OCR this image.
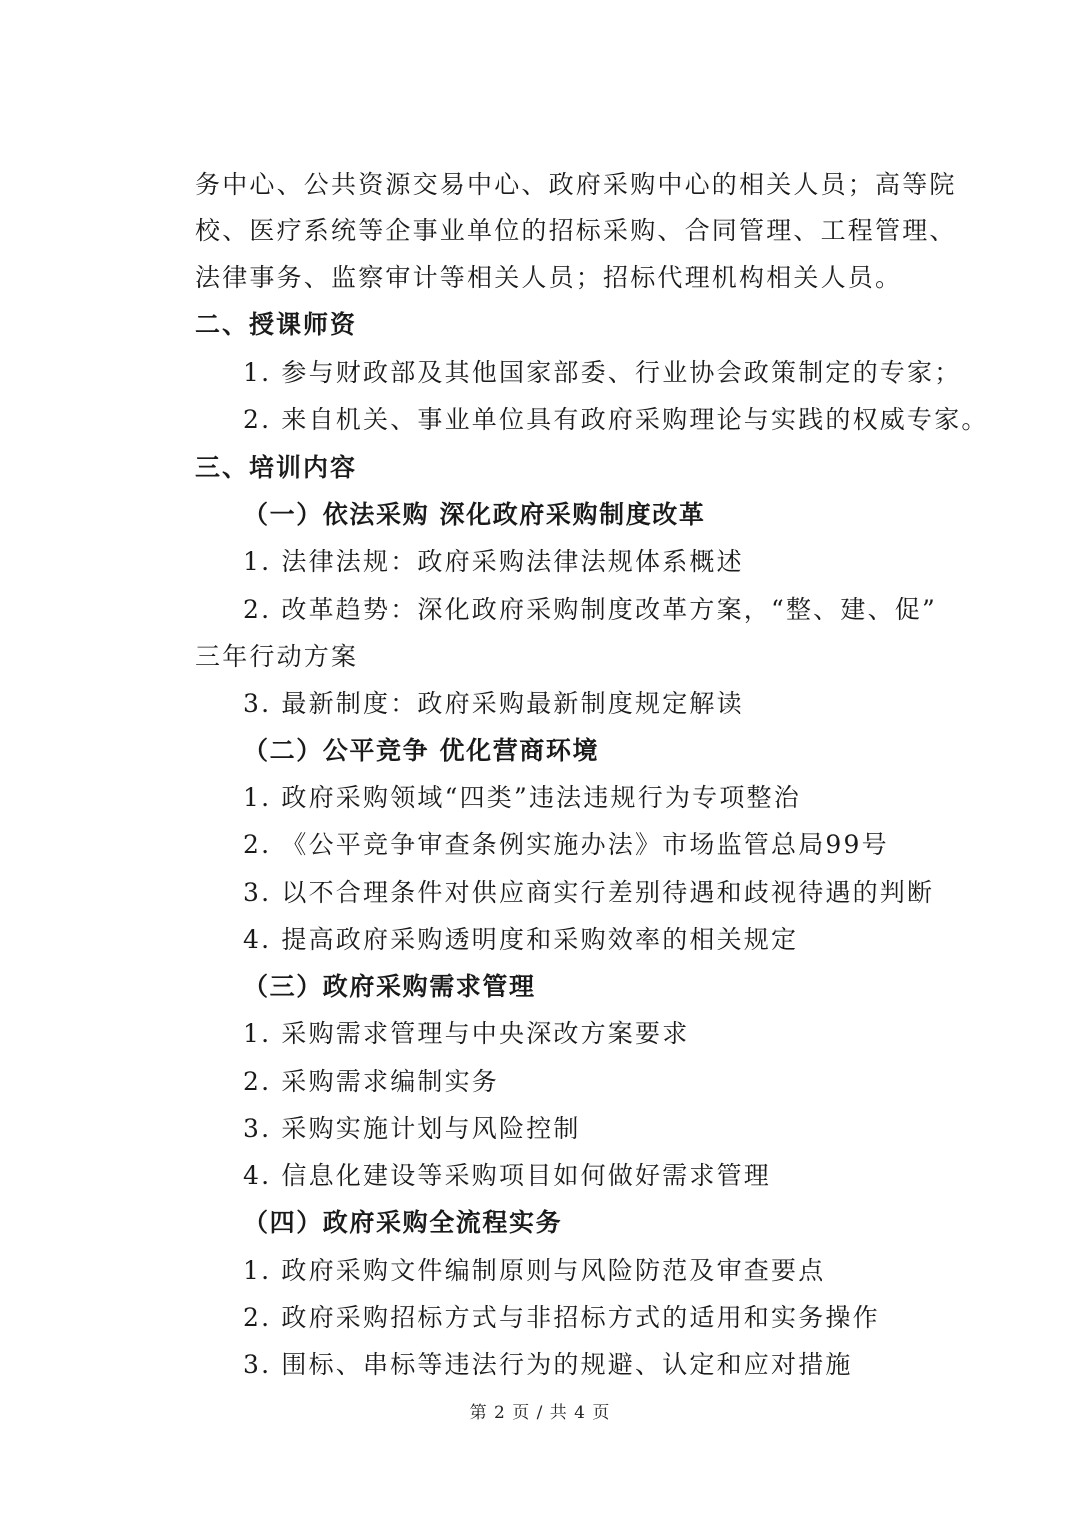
务中心、公共资源交易中心、政府采购中心的相关人员；高等院
校、医疗系统等企事业单位的招标采购、合同管理、工程管理、
法律事务、监察审计等相关人员；招标代理机构相关人员。
二、授课师资
1. 参与财政部及其他国家部委、行业协会政策制定的专家；
2. 来自机关、事业单位具有政府采购理论与实践的权威专家。
三、培训内容
（一）依法采购 深化政府采购制度改革
1. 法律法规：政府采购法律法规体系概述
2. 改革趋势：深化政府采购制度改革方案，“整、建、促”
三年行动方案
3. 最新制度：政府采购最新制度规定解读
（二）公平竞争 优化营商环境
1. 政府采购领域“四类”违法违规行为专项整治
2. 《公平竞争审查条例实施办法》市场监管总局99号
3. 以不合理条件对供应商实行差别待遇和歧视待遇的判断
4. 提高政府采购透明度和采购效率的相关规定
（三）政府采购需求管理
1. 采购需求管理与中央深改方案要求
2. 采购需求编制实务
3. 采购实施计划与风险控制
4. 信息化建设等采购项目如何做好需求管理
（四）政府采购全流程实务
1. 政府采购文件编制原则与风险防范及审查要点
2. 政府采购招标方式与非招标方式的适用和实务操作
3. 围标、串标等违法行为的规避、认定和应对措施
第 2 页 / 共 4 页
